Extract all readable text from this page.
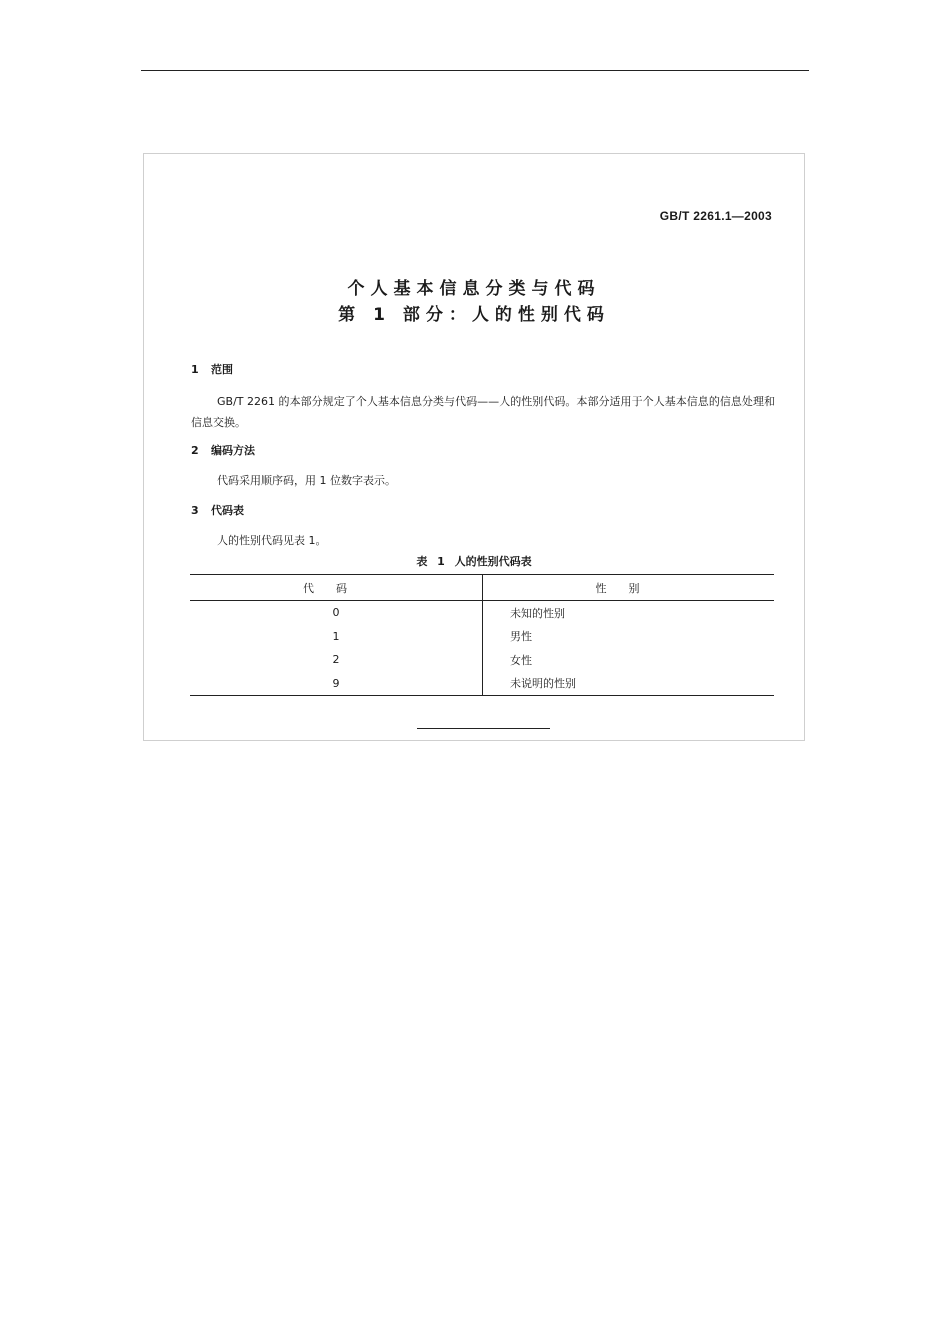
GB/T 2261.1—2003
个人基本信息分类与代码
第 1 部分：人的性别代码
1 范围
GB/T 2261 的本部分规定了个人基本信息分类与代码——人的性别代码。本部分适用于个人基本信息的信息处理和信息交换。
2 编码方法
代码采用顺序码，用 1 位数字表示。
3 代码表
人的性别代码见表 1。
表 1 人的性别代码表
代码	性别
0	未知的性别
1	男性
2	女性
9	未说明的性别
